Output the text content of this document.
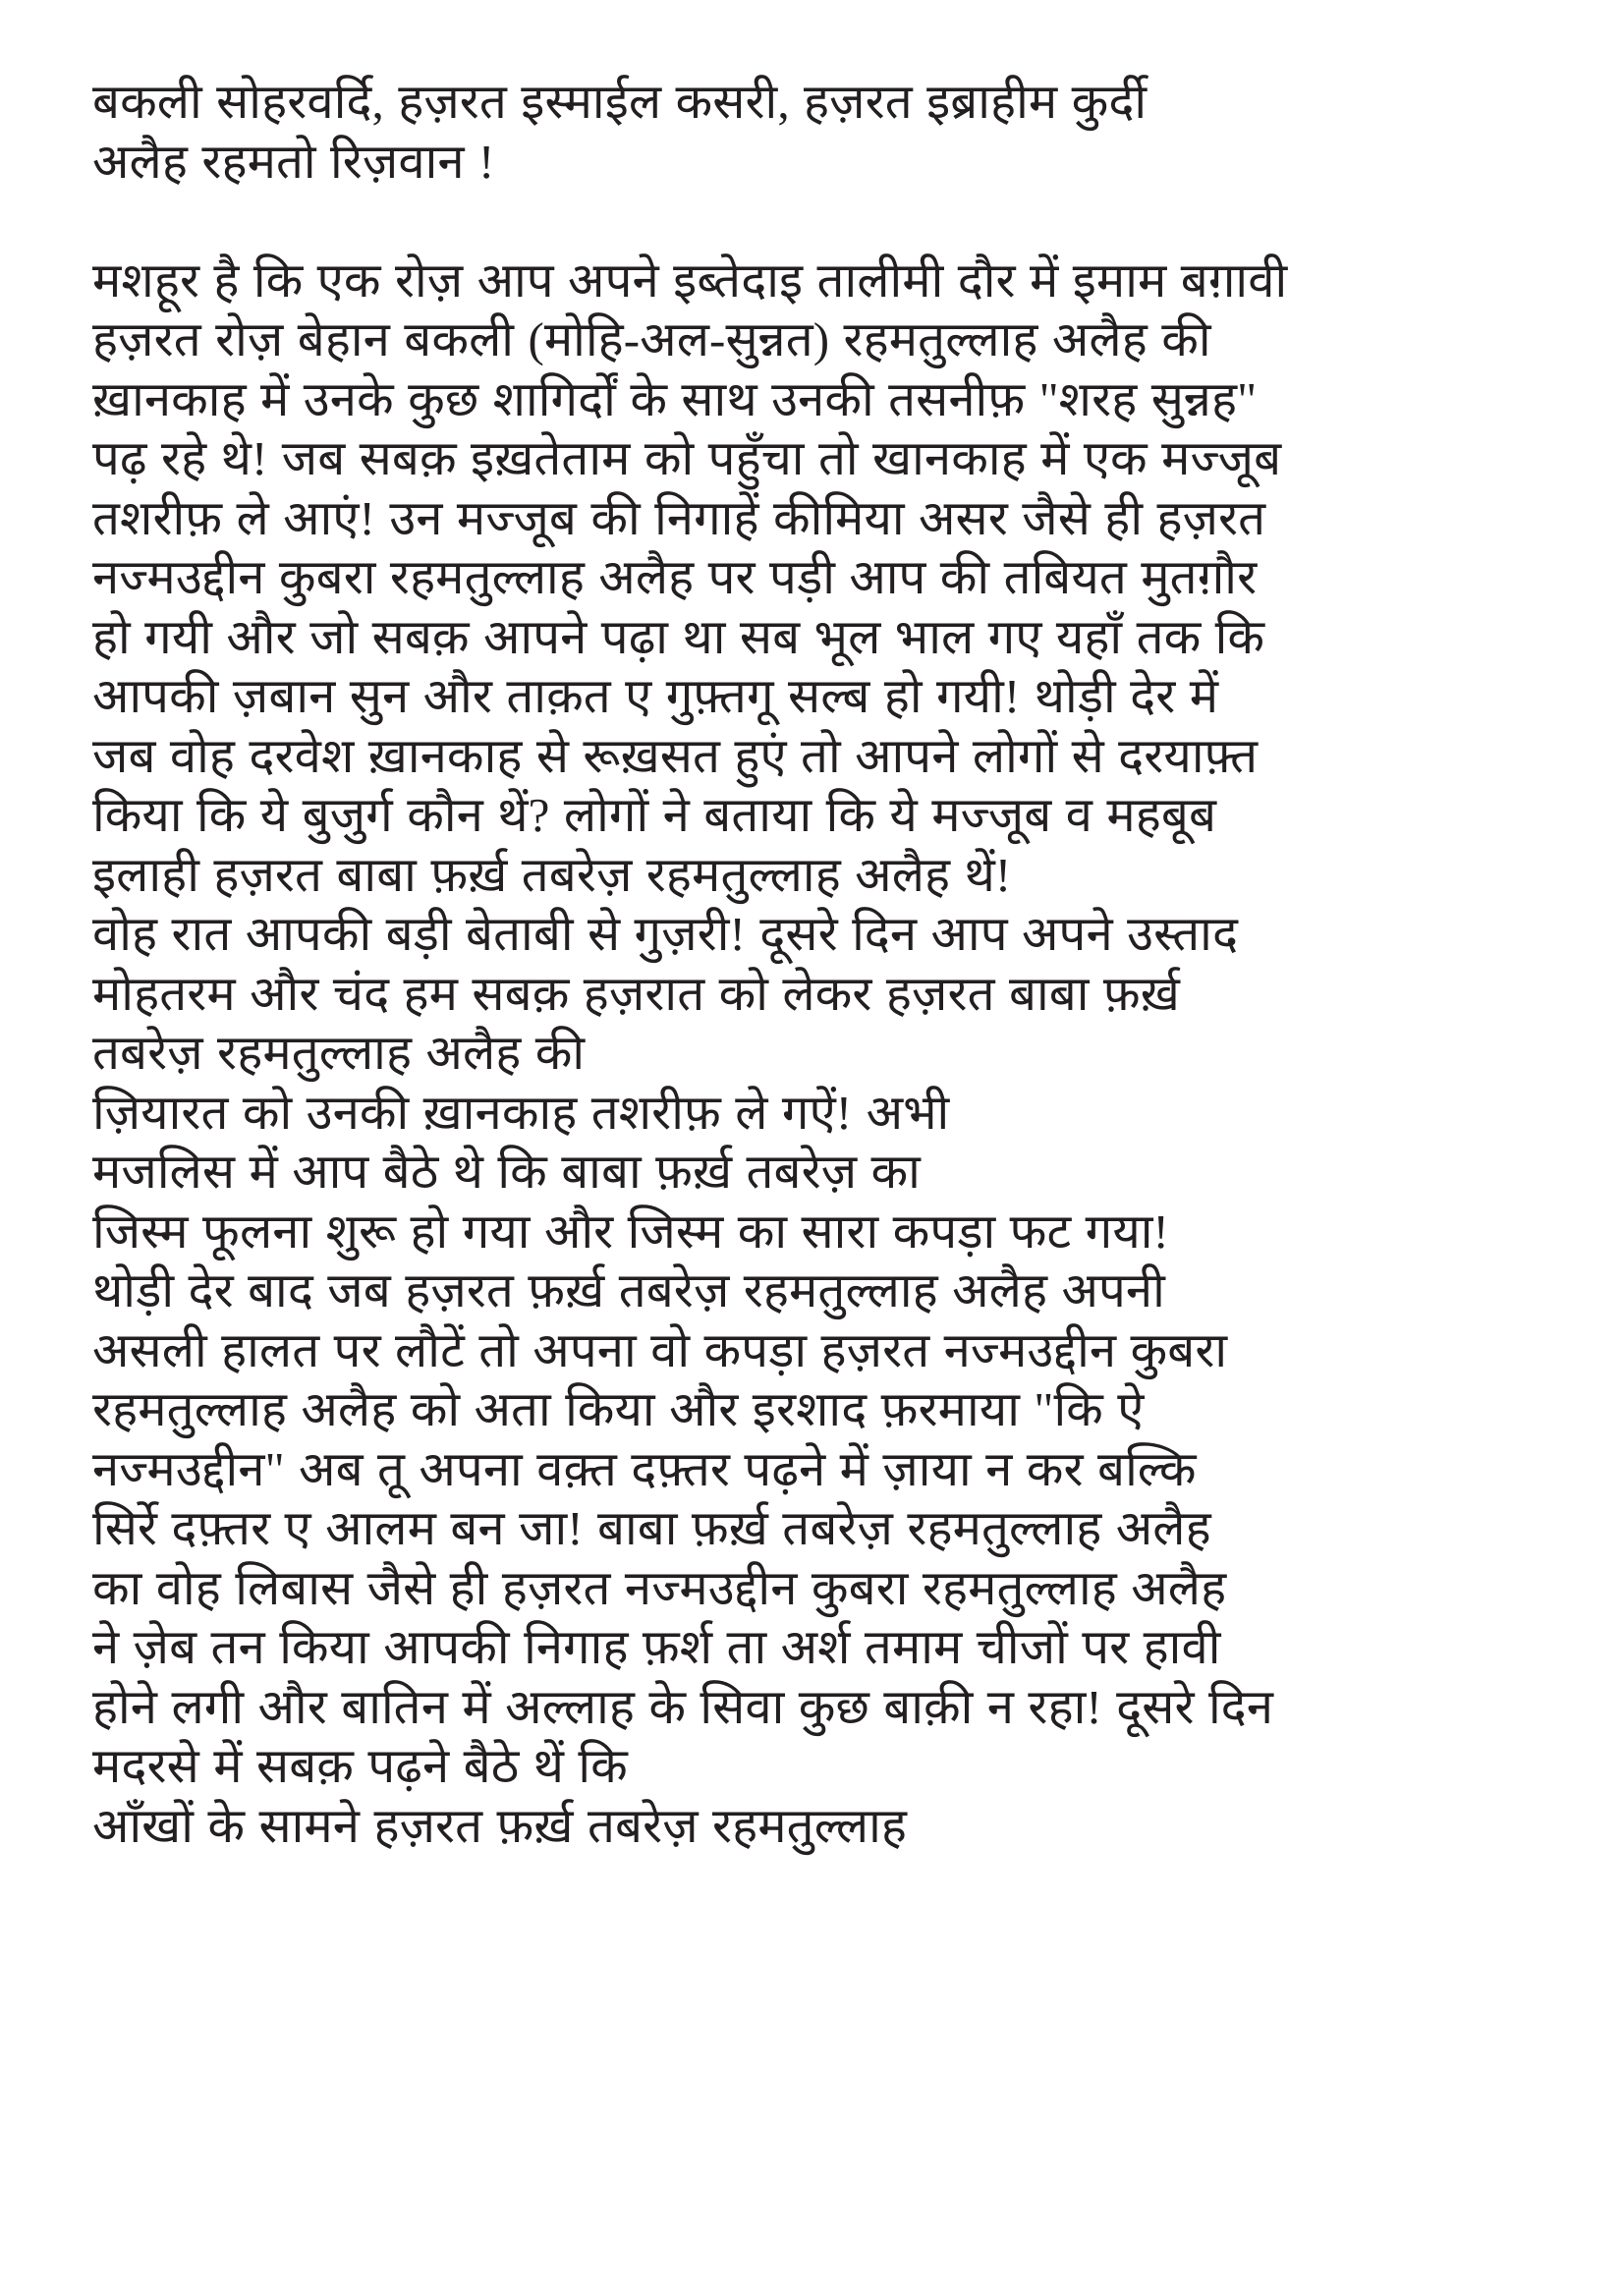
बकली सोहरवर्दि, हज़रत इस्माईल कसरी, हज़रत इब्राहीम कुर्दी
अलैह रहमतो रिज़वान !
मशहूर है कि एक रोज़ आप अपने इब्तेदाइ तालीमी दौर में इमाम बग़ावी
हज़रत रोज़ बेहान बकली (मोहि-अल-सुन्नत) रहमतुल्लाह अलैह की
ख़ानकाह में उनके कुछ शागिर्दों के साथ उनकी तसनीफ़ "शरह सुन्नह"
पढ़ रहे थे! जब सबक़ इख़तेताम को पहुँचा तो खानकाह में एक मज्जूब
तशरीफ़ ले आएं! उन मज्जूब की निगाहें कीमिया असर जैसे ही हज़रत
नज्मउद्दीन कुबरा रहमतुल्लाह अलैह पर पड़ी आप की तबियत मुतग़ौर
हो गयी और जो सबक़ आपने पढ़ा था सब भूल भाल गए यहाँ तक कि
आपकी ज़बान सुन और ताक़त ए गुफ़्तगू सल्ब हो गयी! थोड़ी देर में
जब वोह दरवेश ख़ानकाह से रूख़सत हुएं तो आपने लोगों से दरयाफ़्त
किया कि ये बुजुर्ग कौन थें? लोगों ने बताया कि ये मज्जूब व महबूब
इलाही हज़रत बाबा फ़र्ख़ तबरेज़ रहमतुल्लाह अलैह थें!
वोह रात आपकी बड़ी बेताबी से गुज़री! दूसरे दिन आप अपने उस्ताद
मोहतरम और चंद हम सबक़ हज़रात को लेकर हज़रत बाबा फ़र्ख़
तबरेज़ रहमतुल्लाह अलैह की
ज़ियारत को उनकी ख़ानकाह तशरीफ़ ले गऐं! अभी
मजलिस में आप बैठे थे कि बाबा फ़र्ख़ तबरेज़ का
जिस्म फूलना शुरू हो गया और जिस्म का सारा कपड़ा फट गया!
थोड़ी देर बाद जब हज़रत फ़र्ख़ तबरेज़ रहमतुल्लाह अलैह अपनी
असली हालत पर लौटें तो अपना वो कपड़ा हज़रत नज्मउद्दीन कुबरा
रहमतुल्लाह अलैह को अता किया और इरशाद फ़रमाया "कि ऐ
नज्मउद्दीन" अब तू अपना वक़्त दफ़्तर पढ़ने में ज़ाया न कर बल्कि
सिर्रे दफ़्तर ए आलम बन जा! बाबा फ़र्ख़ तबरेज़ रहमतुल्लाह अलैह
का वोह लिबास जैसे ही हज़रत नज्मउद्दीन कुबरा रहमतुल्लाह अलैह
ने ज़ेब तन किया आपकी निगाह फ़र्श ता अर्श तमाम चीजों पर हावी
होने लगी और बातिन में अल्लाह के सिवा कुछ बाक़ी न रहा! दूसरे दिन
मदरसे में सबक़ पढ़ने बैठे थें कि
आँखों के सामने हज़रत फ़र्ख़ तबरेज़ रहमतुल्लाह
